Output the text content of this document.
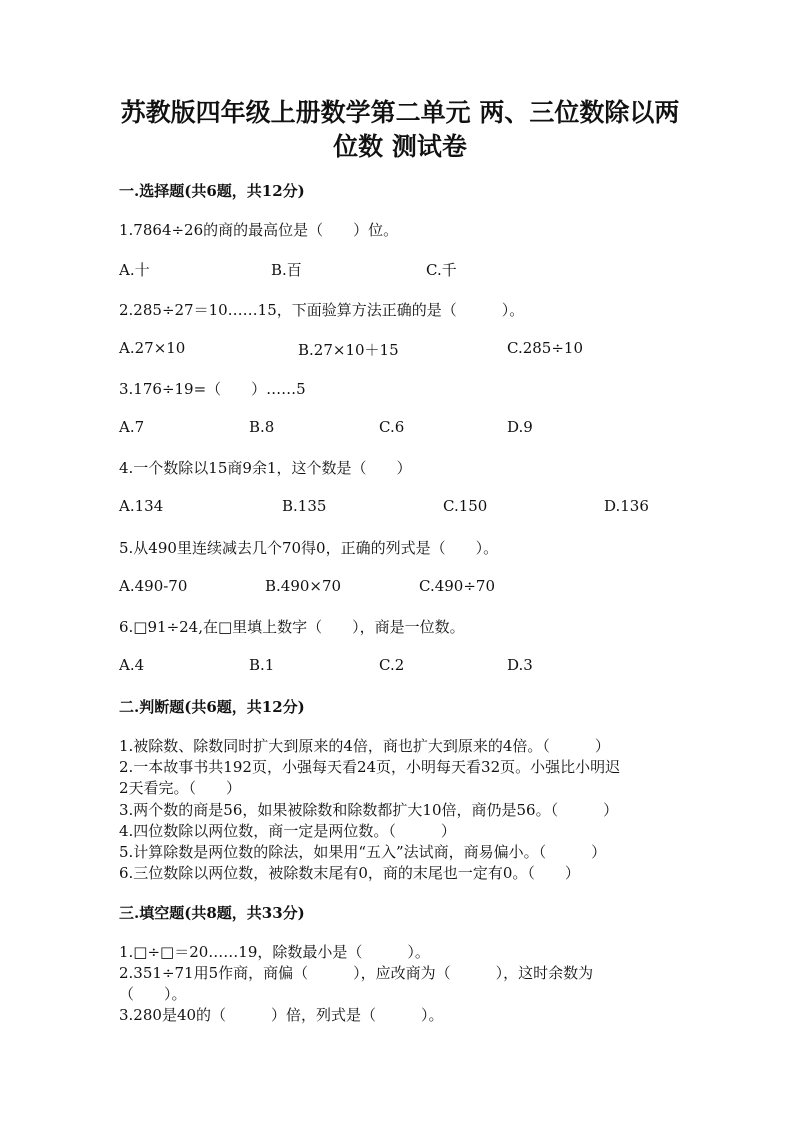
苏教版四年级上册数学第二单元 两、三位数除以两
位数 测试卷
一.选择题(共6题，共12分)
1.7864÷26的商的最高位是（　　）位。
A.十	B.百	C.千
2.285÷27＝10……15，下面验算方法正确的是（　　　）。
A.27×10	B.27×10＋15	C.285÷10
3.176÷19=（　　）……5
A.7	B.8	C.6	D.9
4.一个数除以15商9余1，这个数是（　　）
A.134	B.135	C.150	D.136
5.从490里连续减去几个70得0，正确的列式是（　　）。
A.490-70	B.490×70	C.490÷70
6.□91÷24,在□里填上数字（　　），商是一位数。
A.4	B.1	C.2	D.3
二.判断题(共6题，共12分)
1.被除数、除数同时扩大到原来的4倍，商也扩大到原来的4倍。（　　　）
2.一本故事书共192页，小强每天看24页，小明每天看32页。小强比小明迟
2天看完。（　　）
3.两个数的商是56，如果被除数和除数都扩大10倍，商仍是56。（　　　）
4.四位数除以两位数，商一定是两位数。（　　　）
5.计算除数是两位数的除法，如果用“五入”法试商，商易偏小。（　　　）
6.三位数除以两位数，被除数末尾有0，商的末尾也一定有0。（　　）
三.填空题(共8题，共33分)
1.□÷□＝20……19，除数最小是（　　　）。
2.351÷71用5作商，商偏（　　　），应改商为（　　　），这时余数为
（　　）。
3.280是40的（　　　）倍，列式是（　　　）。
